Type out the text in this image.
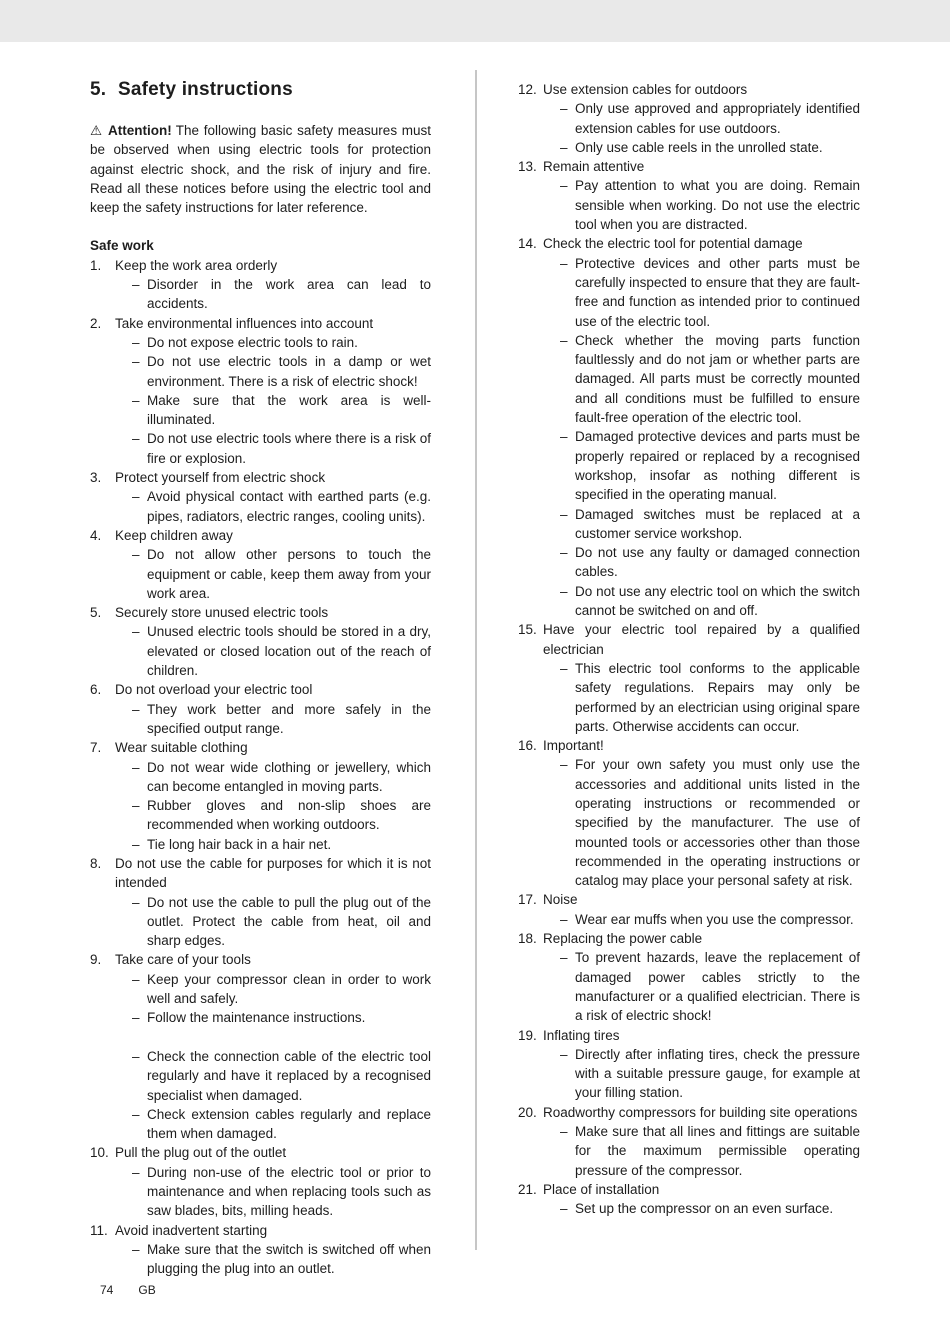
5. Safety instructions

⚠ Attention! The following basic safety measures must be observed when using electric tools for protection against electric shock, and the risk of injury and fire. Read all these notices before using the electric tool and keep the safety instructions for later reference.

Safe work
1. Keep the work area orderly
– Disorder in the work area can lead to accidents.
2. Take environmental influences into account
– Do not expose electric tools to rain.
– Do not use electric tools in a damp or wet environment. There is a risk of electric shock!
– Make sure that the work area is well-illuminated.
– Do not use electric tools where there is a risk of fire or explosion.
3. Protect yourself from electric shock
– Avoid physical contact with earthed parts (e.g. pipes, radiators, electric ranges, cooling units).
4. Keep children away
– Do not allow other persons to touch the equipment or cable, keep them away from your work area.
5. Securely store unused electric tools
– Unused electric tools should be stored in a dry, elevated or closed location out of the reach of children.
6. Do not overload your electric tool
– They work better and more safely in the specified output range.
7. Wear suitable clothing
– Do not wear wide clothing or jewellery, which can become entangled in moving parts.
– Rubber gloves and non-slip shoes are recommended when working outdoors.
– Tie long hair back in a hair net.
8. Do not use the cable for purposes for which it is not intended
– Do not use the cable to pull the plug out of the outlet. Protect the cable from heat, oil and sharp edges.
9. Take care of your tools
– Keep your compressor clean in order to work well and safely.
– Follow the maintenance instructions.
– Check the connection cable of the electric tool regularly and have it replaced by a recognised specialist when damaged.
– Check extension cables regularly and replace them when damaged.
10. Pull the plug out of the outlet
– During non-use of the electric tool or prior to maintenance and when replacing tools such as saw blades, bits, milling heads.
11. Avoid inadvertent starting
– Make sure that the switch is switched off when plugging the plug into an outlet.
12. Use extension cables for outdoors
– Only use approved and appropriately identified extension cables for use outdoors.
– Only use cable reels in the unrolled state.
13. Remain attentive
– Pay attention to what you are doing. Remain sensible when working. Do not use the electric tool when you are distracted.
14. Check the electric tool for potential damage
– Protective devices and other parts must be carefully inspected to ensure that they are fault-free and function as intended prior to continued use of the electric tool.
– Check whether the moving parts function faultlessly and do not jam or whether parts are damaged. All parts must be correctly mounted and all conditions must be fulfilled to ensure fault-free operation of the electric tool.
– Damaged protective devices and parts must be properly repaired or replaced by a recognised workshop, insofar as nothing different is specified in the operating manual.
– Damaged switches must be replaced at a customer service workshop.
– Do not use any faulty or damaged connection cables.
– Do not use any electric tool on which the switch cannot be switched on and off.
15. Have your electric tool repaired by a qualified electrician
– This electric tool conforms to the applicable safety regulations. Repairs may only be performed by an electrician using original spare parts. Otherwise accidents can occur.
16. Important!
– For your own safety you must only use the accessories and additional units listed in the operating instructions or recommended or specified by the manufacturer. The use of mounted tools or accessories other than those recommended in the operating instructions or catalog may place your personal safety at risk.
17. Noise
– Wear ear muffs when you use the compressor.
18. Replacing the power cable
– To prevent hazards, leave the replacement of damaged power cables strictly to the manufacturer or a qualified electrician. There is a risk of electric shock!
19. Inflating tires
– Directly after inflating tires, check the pressure with a suitable pressure gauge, for example at your filling station.
20. Roadworthy compressors for building site operations
– Make sure that all lines and fittings are suitable for the maximum permissible operating pressure of the compressor.
21. Place of installation
– Set up the compressor on an even surface.
74 GB
